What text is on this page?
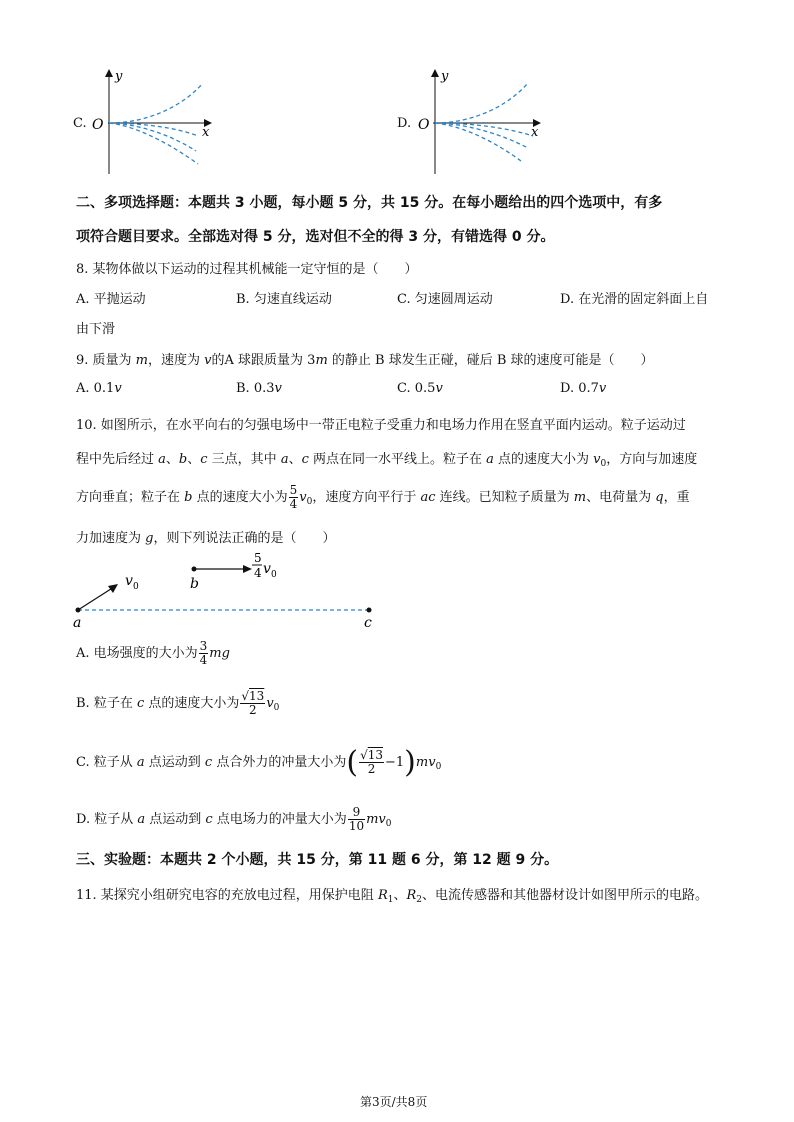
C.
y
O	x
D.
y
O	x
二、多项选择题：本题共 3 小题，每小题 5 分，共 15 分。在每小题给出的四个选项中，有多
项符合题目要求。全部选对得 5 分，选对但不全的得 3 分，有错选得 0 分。
8. 某物体做以下运动的过程其机械能一定守恒的是（　　）
A. 平抛运动	B. 匀速直线运动	C. 匀速圆周运动	D. 在光滑的固定斜面上自
由下滑
9. 质量为 m，速度为 v的A 球跟质量为 3m 的静止 B 球发生正碰，碰后 B 球的速度可能是（　　）
A. 0.1v	B. 0.3v	C. 0.5v	D. 0.7v
10. 如图所示，在水平向右的匀强电场中一带正电粒子受重力和电场力作用在竖直平面内运动。粒子运动过
程中先后经过 a、b、c 三点，其中 a、c 两点在同一水平线上。粒子在 a 点的速度大小为 $v_0$，方向与加速度
方向垂直；粒子在 b 点的速度大小为 $\frac{5}{4} v_0$，速度方向平行于 ac 连线。已知粒子质量为 m、电荷量为 q，重
力加速度为 g，则下列说法正确的是（　　）
a	c
b
v 0
5
4 v 0
A. 电场强度的大小为 $\frac{3}{4}$ mg
B. 粒子在 c 点的速度大小为 $\frac{√13}{2} v_0$
C. 粒子从 a 点运动到 c 点合外力的冲量大小为( $\frac{√13}{2} -1)mv_0$
D. 粒子从 a 点运动到 c 点电场力的冲量大小为 $\frac{9}{10} mv_0$
三、实验题：本题共 2 个小题，共 15 分，第 11 题 6 分，第 12 题 9 分。
11. 某探究小组研究电容的充放电过程，用保护电阻 $R_1$、$R_2$、电流传感器和其他器材设计如图甲所示的电路。
第3页/共8页
